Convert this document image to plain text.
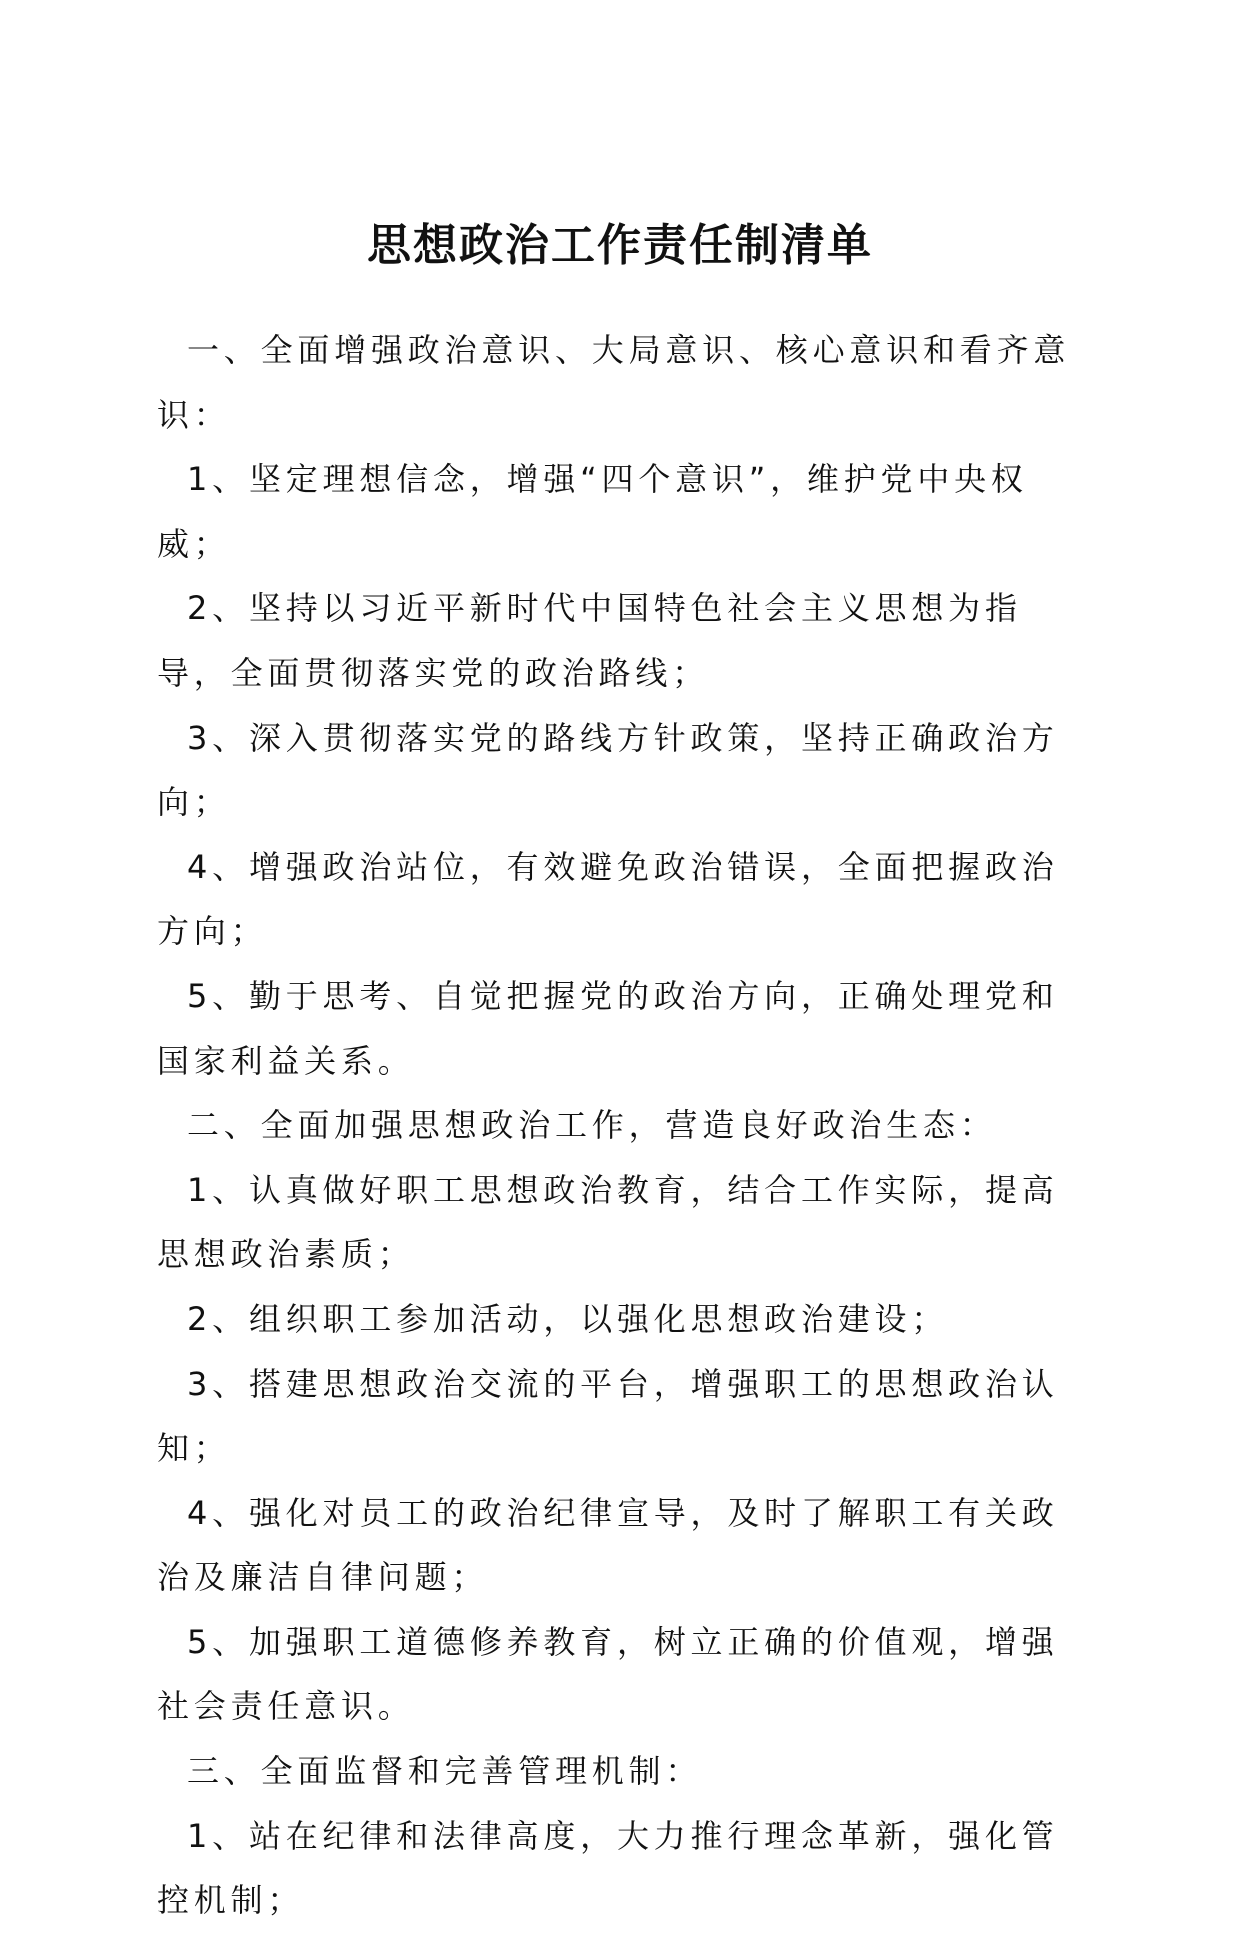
思想政治工作责任制清单

一、全面增强政治意识、大局意识、核心意识和看齐意识：

1、坚定理想信念，增强“四个意识”，维护党中央权威；

2、坚持以习近平新时代中国特色社会主义思想为指导，全面贯彻落实党的政治路线；

3、深入贯彻落实党的路线方针政策，坚持正确政治方向；

4、增强政治站位，有效避免政治错误，全面把握政治方向；

5、勤于思考、自觉把握党的政治方向，正确处理党和国家利益关系。

二、全面加强思想政治工作，营造良好政治生态：

1、认真做好职工思想政治教育，结合工作实际，提高思想政治素质；

2、组织职工参加活动，以强化思想政治建设；

3、搭建思想政治交流的平台，增强职工的思想政治认知；

4、强化对员工的政治纪律宣导，及时了解职工有关政治及廉洁自律问题；

5、加强职工道德修养教育，树立正确的价值观，增强社会责任意识。

三、全面监督和完善管理机制：

1、站在纪律和法律高度，大力推行理念革新，强化管控机制；
